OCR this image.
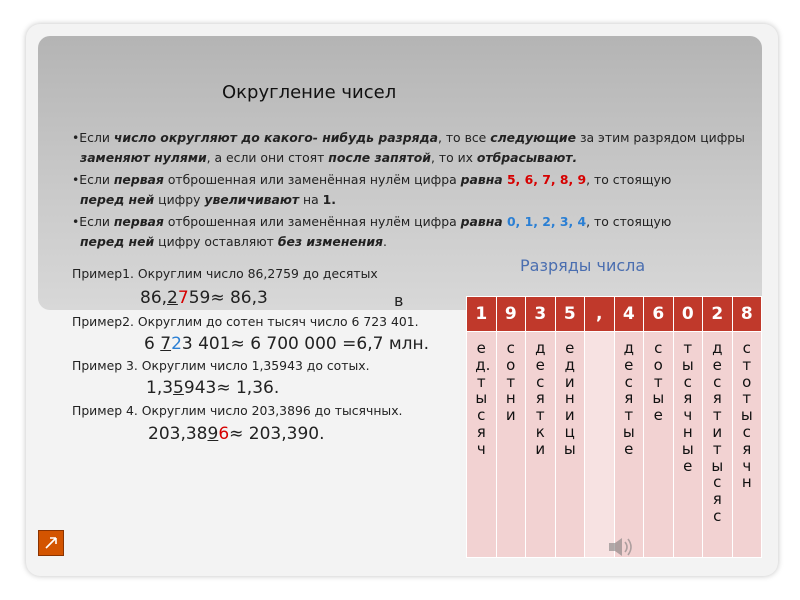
Округление чисел
•Если число округляют до какого- нибудь разряда, то все следующие за этим разрядом цифры
заменяют нулями, а если они стоят после запятой, то их отбрасывают.
•Если первая отброшенная или заменённая нулём цифра равна 5, 6, 7, 8, 9, то стоящую
перед ней цифру увеличивают на 1.
•Если первая отброшенная или заменённая нулём цифра равна 0, 1, 2, 3, 4, то стоящую
перед ней цифру оставляют без изменения.
Разряды числа
Пример1. Округлим число 86,2759 до десятых
86,2759≈ 86,3
Пример2. Округлим до сотен тысяч число 6 723 401.
6 723 401≈ 6 700 000 =6,7 млн.
Пример 3. Округлим число 1,35943 до сотых.
1,35943≈ 1,36.
Пример 4. Округлим число 203,3896 до тысячных.
203,3896≈ 203,390.
в
1	9	3	5	,	4	6	0	2	8
ед.тысяч	сотни	десятки	единицы		десятые	сотые	тысячные	десятитысяс	стотысячн
